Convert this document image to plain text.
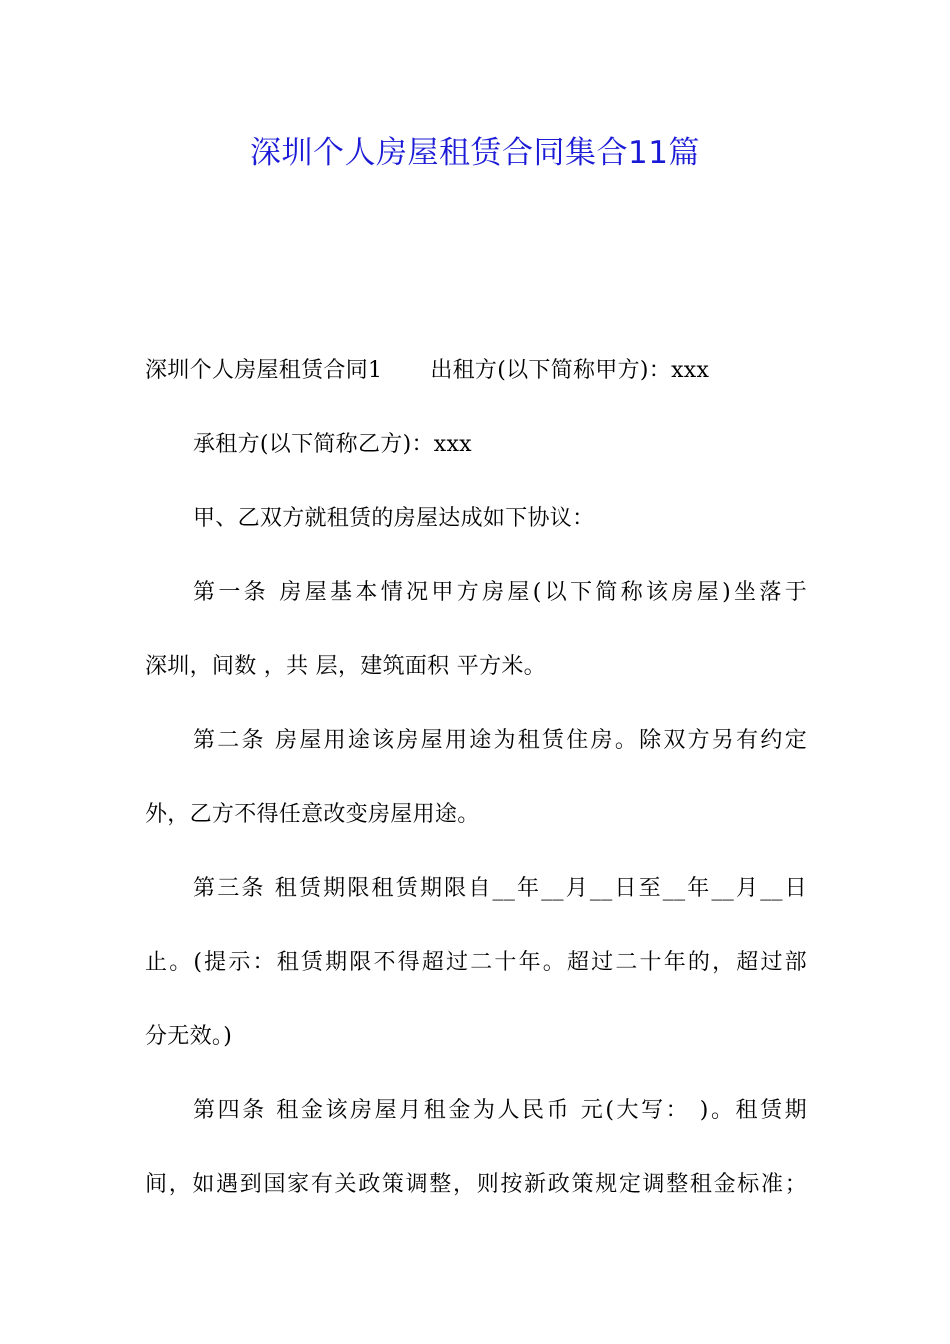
深圳个人房屋租赁合同集合11篇
深圳个人房屋租赁合同1 出租方(以下简称甲方)：xxx
承租方(以下简称乙方)：xxx
甲、乙双方就租赁的房屋达成如下协议：
第一条 房屋基本情况甲方房屋(以下简称该房屋)坐落于
深圳，间数 ，共 层，建筑面积 平方米。
第二条 房屋用途该房屋用途为租赁住房。除双方另有约定
外，乙方不得任意改变房屋用途。
第三条 租赁期限租赁期限自__年__月__日至__年__月__日
止。(提示：租赁期限不得超过二十年。超过二十年的，超过部
分无效。)
第四条 租金该房屋月租金为人民币 元(大写： )。租赁期
间，如遇到国家有关政策调整，则按新政策规定调整租金标准；
